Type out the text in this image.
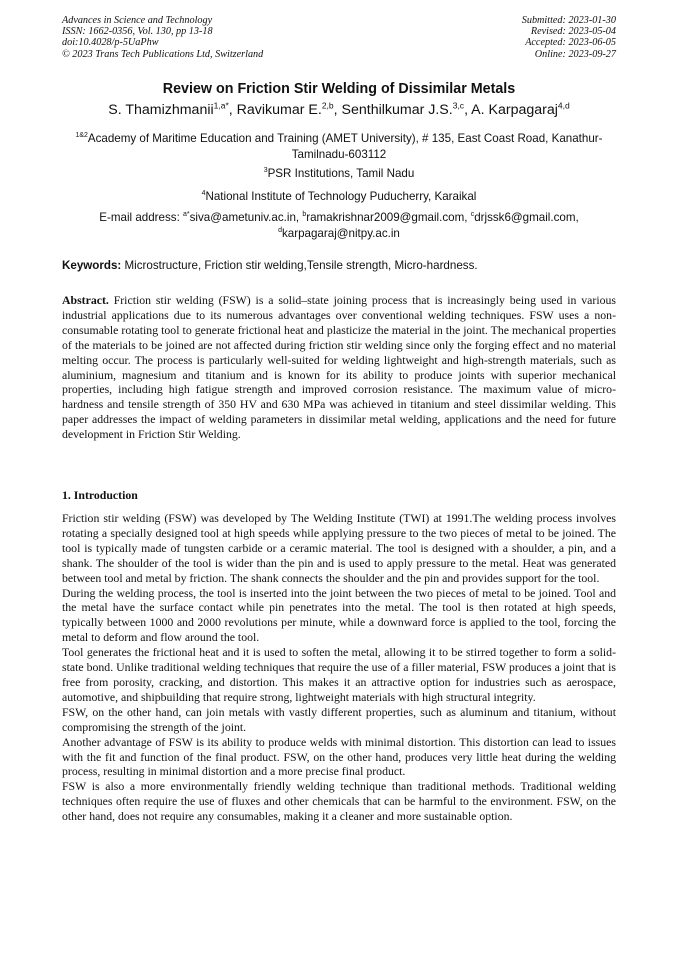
Advances in Science and Technology
ISSN: 1662-0356, Vol. 130, pp 13-18
doi:10.4028/p-5UaPhw
© 2023 Trans Tech Publications Ltd, Switzerland
Submitted: 2023-01-30
Revised: 2023-05-04
Accepted: 2023-06-05
Online: 2023-09-27
Review on Friction Stir Welding of Dissimilar Metals
S. Thamizhmanii$^{1,a*}$, Ravikumar E.$^{2,b}$, Senthilkumar J.S.$^{3,c}$, A. Karpagaraj$^{4,d}$
$^{1\&2}$Academy of Maritime Education and Training (AMET University), # 135, East Coast Road, Kanathur-Tamilnadu-603112
$^3$PSR Institutions, Tamil Nadu
$^4$National Institute of Technology Puducherry, Karaikal
E-mail address: $^{a*}$siva@ametuniv.ac.in, $^b$ramakrishnar2009@gmail.com, $^c$drjssk6@gmail.com,
$^d$karpagaraj@nitpy.ac.in
Keywords: Microstructure, Friction stir welding,Tensile strength, Micro-hardness.

Abstract. Friction stir welding (FSW) is a solid–state joining process that is increasingly being used in various industrial applications due to its numerous advantages over conventional welding techniques. FSW uses a non-consumable rotating tool to generate frictional heat and plasticize the material in the joint. The mechanical properties of the materials to be joined are not affected during friction stir welding since only the forging effect and no material melting occur. The process is particularly well-suited for welding lightweight and high-strength materials, such as aluminium, magnesium and titanium and is known for its ability to produce joints with superior mechanical properties, including high fatigue strength and improved corrosion resistance. The maximum value of micro-hardness and tensile strength of 350 HV and 630 MPa was achieved in titanium and steel dissimilar welding. This paper addresses the impact of welding parameters in dissimilar metal welding, applications and the need for future development in Friction Stir Welding.

1. Introduction

Friction stir welding (FSW) was developed by The Welding Institute (TWI) at 1991.The welding process involves rotating a specially designed tool at high speeds while applying pressure to the two pieces of metal to be joined. The tool is typically made of tungsten carbide or a ceramic material. The tool is designed with a shoulder, a pin, and a shank. The shoulder of the tool is wider than the pin and is used to apply pressure to the metal. Heat was generated between tool and metal by friction. The shank connects the shoulder and the pin and provides support for the tool.

During the welding process, the tool is inserted into the joint between the two pieces of metal to be joined. Tool and the metal have the surface contact while pin penetrates into the metal. The tool is then rotated at high speeds, typically between 1000 and 2000 revolutions per minute, while a downward force is applied to the tool, forcing the metal to deform and flow around the tool.

Tool generates the frictional heat and it is used to soften the metal, allowing it to be stirred together to form a solid-state bond. Unlike traditional welding techniques that require the use of a filler material, FSW produces a joint that is free from porosity, cracking, and distortion. This makes it an attractive option for industries such as aerospace, automotive, and shipbuilding that require strong, lightweight materials with high structural integrity.

FSW, on the other hand, can join metals with vastly different properties, such as aluminum and titanium, without compromising the strength of the joint.

Another advantage of FSW is its ability to produce welds with minimal distortion. This distortion can lead to issues with the fit and function of the final product. FSW, on the other hand, produces very little heat during the welding process, resulting in minimal distortion and a more precise final product.

FSW is also a more environmentally friendly welding technique than traditional methods. Traditional welding techniques often require the use of fluxes and other chemicals that can be harmful to the environment. FSW, on the other hand, does not require any consumables, making it a cleaner and more sustainable option.
